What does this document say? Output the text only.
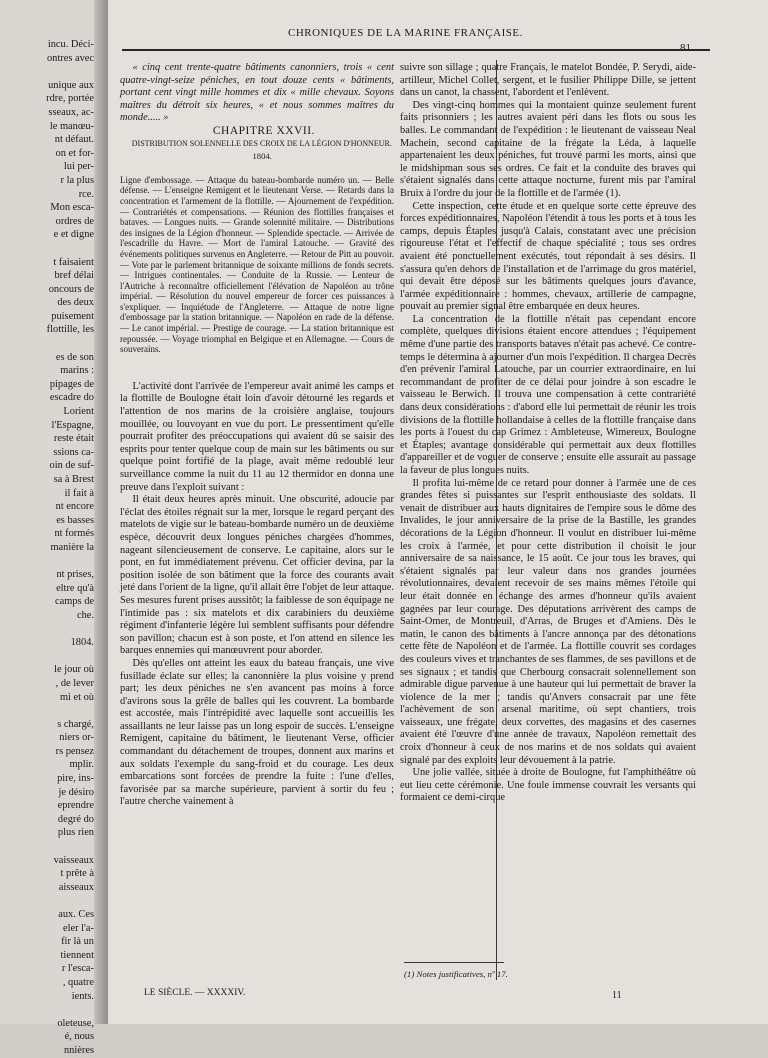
incu. Déci-
ontres avec

unique aux
rdre, portée
sseaux, ac-
le manœu-
nt défaut.
on et for-
lui per-
r la plus
rce.
Mon esca-
ordres de
e et digne

t faisaient
bref délai
oncours de
des deux
puisement
flottille, les

es de son
marins :
pipages de
escadre do
Lorient
l'Espagne,
reste était
ssions ca-
oin de suf-
sa à Brest
il fait à
nt encore
es basses
nt formés
manière la

nt prises,
eltre qu'à
camps de
che.

1804.

le jour où
, de lever
mi et où

s chargé,
niers or-
rs pensez
mplir.
pire, ins-
je désiro
eprendre
degré do
plus rien

vaisseaux
t prête à
aisseaux

aux. Ces
eler l'a-
fir là un
tiennent
r l'esca-
, quatre
ients.

oleteuse,
é, nous
nnières
CHRONIQUES DE LA MARINE FRANÇAISE.
81

« cinq cent trente-quatre bâtiments canonniers, trois « cent quatre-vingt-seize péniches, en tout douze cents « bâtiments, portant cent vingt mille hommes et dix « mille chevaux. Soyons maîtres du détroit six heures, « et nous sommes maîtres du monde..... »

CHAPITRE XXVII.

DISTRIBUTION SOLENNELLE DES CROIX DE LA LÉGION D'HONNEUR.

1804.

Ligne d'embossage. — Attaque du bateau-bombarde numéro un. — Belle défense. — L'enseigne Remigent et le lieutenant Verse. — Retards dans la concentration et l'armement de la flottille. — Ajournement de l'expédition. — Contrariétés et compensations. — Réunion des flottilles françaises et bataves. — Longues nuits. — Grande solennité militaire. — Distributions des insignes de la Légion d'honneur. — Splendide spectacle. — Arrivée de l'escadrille du Havre. — Mort de l'amiral Latouche. — Gravité des événements politiques survenus en Angleterre. — Retour de Pitt au pouvoir. — Vote par le parlement britannique de soixante millions de fonds secrets. — Intrigues continentales. — Conduite de la Russie. — Lenteur de l'Autriche à reconnaître officiellement l'élévation de Napoléon au trône impérial. — Résolution du nouvel empereur de forcer ces puissances à s'expliquer. — Inquiétude de l'Angleterre. — Attaque de notre ligne d'embossage par la station britannique. — Napoléon en rade de la défense. — Le canot impérial. — Prestige de courage. — La station britannique est repoussée. — Voyage triomphal en Belgique et en Allemagne. — Cours de souverains.

L'activité dont l'arrivée de l'empereur avait animé les camps et la flottille de Boulogne était loin d'avoir détourné les regards et l'attention de nos marins de la croisière anglaise, toujours mouillée, ou louvoyant en vue du port. Le pressentiment qu'elle pourrait profiter des préoccupations qui avaient dû se saisir des esprits pour tenter quelque coup de main sur les bâtiments ou sur quelque point fortifié de la plage, avait même redoublé leur surveillance comme la nuit du 11 au 12 thermidor en donna une preuve dans l'exploit suivant :

Il était deux heures après minuit. Une obscurité, adoucie par l'éclat des étoiles régnait sur la mer, lorsque le regard perçant des matelots de vigie sur le bateau-bombarde numéro un de deuxième espèce, découvrit deux longues péniches chargées d'hommes, nageant silencieusement de conserve. Le capitaine, alors sur le pont, en fut immédiatement prévenu. Cet officier devina, par la position isolée de son bâtiment que la force des courants avait jeté dans l'orient de la ligne, qu'il allait être l'objet de leur attaque. Ses mesures furent prises aussitôt; la faiblesse de son équipage ne l'intimide pas : six matelots et dix carabiniers du deuxième régiment d'infanterie légère lui semblent suffisants pour défendre son pavillon; chacun est à son poste, et l'on attend en silence les barques ennemies qui manœuvrent pour aborder.

Dès qu'elles ont atteint les eaux du bateau français, une vive fusillade éclate sur elles; la canonnière la plus voisine y prend part; les deux péniches ne s'en avancent pas moins à force d'avirons sous la grêle de balles qui les couvrent. La bombarde est accostée, mais l'intrépidité avec laquelle sont accueillis les assaillants ne leur laisse pas un long espoir de succès. L'enseigne Remigent, capitaine du bâtiment, le lieutenant Verse, officier commandant du détachement de troupes, donnent aux marins et aux soldats l'exemple du sang-froid et du courage. Les deux embarcations sont forcées de prendre la fuite : l'une d'elles, favorisée par sa marche supérieure, parvient à sortir du feu ; l'autre cherche vainement à

suivre son sillage ; quatre Français, le matelot Bondée, P. Serydi, aide-artilleur, Michel Collet, sergent, et le fusilier Philippe Dille, se jettent dans un canot, la chassent, l'abordent et l'enlèvent.

Des vingt-cinq hommes qui la montaient quinze seulement furent faits prisonniers ; les autres avaient péri dans les flots ou sous les balles. Le commandant de l'expédition : le lieutenant de vaisseau Neal Machein, second capitaine de la frégate la Léda, à laquelle appartenaient les deux péniches, fut trouvé parmi les morts, ainsi que le midshipman sous ses ordres. Ce fait et la conduite des braves qui s'étaient signalés dans cette attaque nocturne, furent mis par l'amiral Bruix à l'ordre du jour de la flottille et de l'armée (1).

Cette inspection, cette étude et en quelque sorte cette épreuve des forces expéditionnaires, Napoléon l'étendit à tous les ports et à tous les camps, depuis Étaples jusqu'à Calais, constatant avec une précision rigoureuse l'état et l'effectif de chaque spécialité ; tous ses ordres avaient été ponctuellement exécutés, tout répondait à ses désirs. Il s'assura qu'en dehors de l'installation et de l'arrimage du gros matériel, qui devait être déposé sur les bâtiments quelques jours d'avance, l'armée expéditionnaire : hommes, chevaux, artillerie de campagne, pouvait au premier signal être embarquée en deux heures.

La concentration de la flottille n'était pas cependant encore complète, quelques divisions étaient encore attendues ; l'équipement même d'une partie des transports bataves n'était pas achevé. Ce contre-temps le détermina à ajourner d'un mois l'expédition. Il chargea Decrès d'en prévenir l'amiral Latouche, par un courrier extraordinaire, en lui recommandant de profiter de ce délai pour joindre à son escadre le vaisseau le Berwich. Il trouva une compensation à cette contrariété dans deux considérations : d'abord elle lui permettait de réunir les trois divisions de la flottille hollandaise à celles de la flottille française dans les ports à l'ouest du cap Grimez : Ambleteuse, Wimereux, Boulogne et Étaples; avantage considérable qui permettait aux deux flottilles d'appareiller et de voguer de conserve ; ensuite elle assurait au passage la faveur de plus longues nuits.

Il profita lui-même de ce retard pour donner à l'armée une de ces grandes fêtes si puissantes sur l'esprit enthousiaste des soldats. Il venait de distribuer aux hauts dignitaires de l'empire sous le dôme des Invalides, le jour anniversaire de la prise de la Bastille, les grandes décorations de la Légion d'honneur. Il voulut en distribuer lui-même les croix à l'armée, et pour cette distribution il choisit le jour anniversaire de sa naissance, le 15 août. Ce jour tous les braves, qui s'étaient signalés par leur valeur dans nos grandes journées révolutionnaires, devaient recevoir de ses mains mêmes l'étoile qui leur était donnée en échange des armes d'honneur qu'ils avaient gagnées par leur courage. Des députations arrivèrent des camps de Saint-Omer, de Montreuil, d'Arras, de Bruges et d'Amiens. Dès le matin, le canon des bâtiments à l'ancre annonça par des détonations cette fête de Napoléon et de l'armée. La flottille couvrit ses cordages des couleurs vives et tranchantes de ses flammes, de ses pavillons et de ses signaux ; et tandis que Cherbourg consacrait solennellement son admirable digue parvenue à une hauteur qui lui permettait de braver la violence de la mer ; tandis qu'Anvers consacrait par une fête l'achèvement de son arsenal maritime, où sept chantiers, trois vaisseaux, une frégate, deux corvettes, des magasins et des casernes avaient été l'œuvre d'une année de travaux, Napoléon remettait des croix d'honneur à ceux de nos marins et de nos soldats qui avaient signalé par des exploits leur dévouement à la patrie.

Une jolie vallée, située à droite de Boulogne, fut l'amphithéâtre où eut lieu cette cérémonie. Une foule immense couvrait les versants qui formaient ce demi-cirque

(1) Notes justificatives, nº 17.
LE SIÈCLE. — XXXXIV.	11
